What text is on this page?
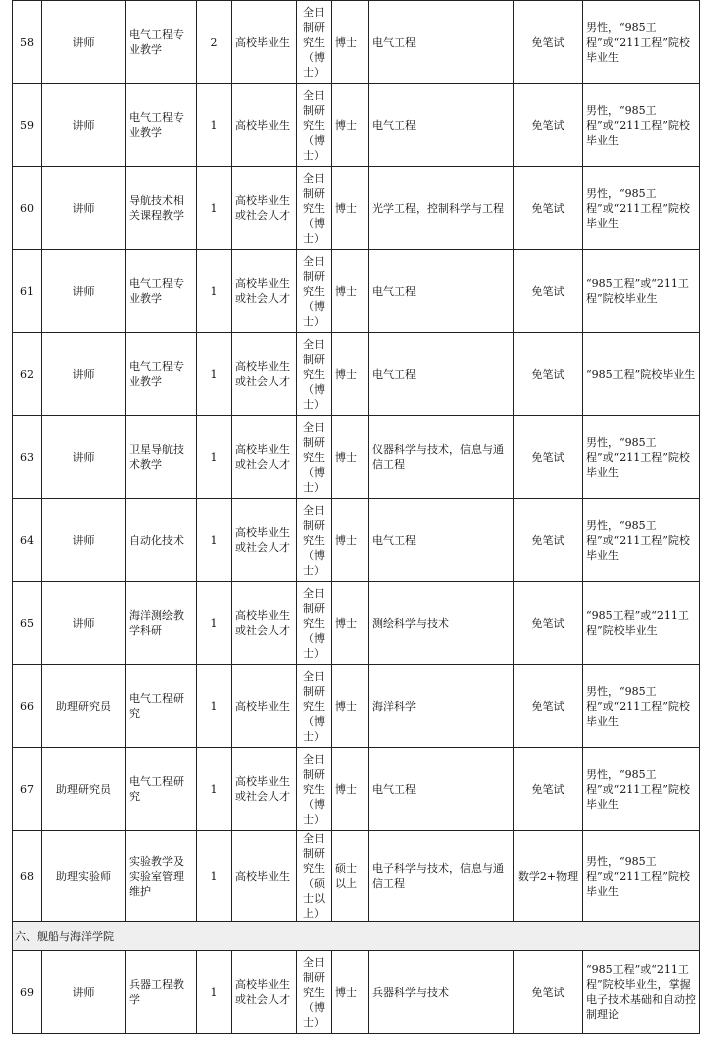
58	讲师	电气工程专业教学	2	高校毕业生	全日制研究生（博士）	博士	电气工程	免笔试	男性，“985工程”或“211工程”院校毕业生
59	讲师	电气工程专业教学	1	高校毕业生	全日制研究生（博士）	博士	电气工程	免笔试	男性，“985工程”或“211工程”院校毕业生
60	讲师	导航技术相关课程教学	1	高校毕业生或社会人才	全日制研究生（博士）	博士	光学工程，控制科学与工程	免笔试	男性，“985工程”或“211工程”院校毕业生
61	讲师	电气工程专业教学	1	高校毕业生或社会人才	全日制研究生（博士）	博士	电气工程	免笔试	“985工程”或“211工程”院校毕业生
62	讲师	电气工程专业教学	1	高校毕业生或社会人才	全日制研究生（博士）	博士	电气工程	免笔试	“985工程”院校毕业生
63	讲师	卫星导航技术教学	1	高校毕业生或社会人才	全日制研究生（博士）	博士	仪器科学与技术，信息与通信工程	免笔试	男性，“985工程”或“211工程”院校毕业生
64	讲师	自动化技术	1	高校毕业生或社会人才	全日制研究生（博士）	博士	电气工程	免笔试	男性，“985工程”或“211工程”院校毕业生
65	讲师	海洋测绘教学科研	1	高校毕业生或社会人才	全日制研究生（博士）	博士	测绘科学与技术	免笔试	“985工程”或“211工程”院校毕业生
66	助理研究员	电气工程研究	1	高校毕业生	全日制研究生（博士）	博士	海洋科学	免笔试	男性，“985工程”或“211工程”院校毕业生
67	助理研究员	电气工程研究	1	高校毕业生或社会人才	全日制研究生（博士）	博士	电气工程	免笔试	男性，“985工程”或“211工程”院校毕业生
68	助理实验师	实验教学及实验室管理维护	1	高校毕业生	全日制研究生（硕士以上）	硕士以上	电子科学与技术，信息与通信工程	数学2+物理	男性，“985工程”或“211工程”院校毕业生
六、舰船与海洋学院									
69	讲师	兵器工程教学	1	高校毕业生或社会人才	全日制研究生（博士）	博士	兵器科学与技术	免笔试	“985工程”或“211工程”院校毕业生，掌握电子技术基础和自动控制理论
